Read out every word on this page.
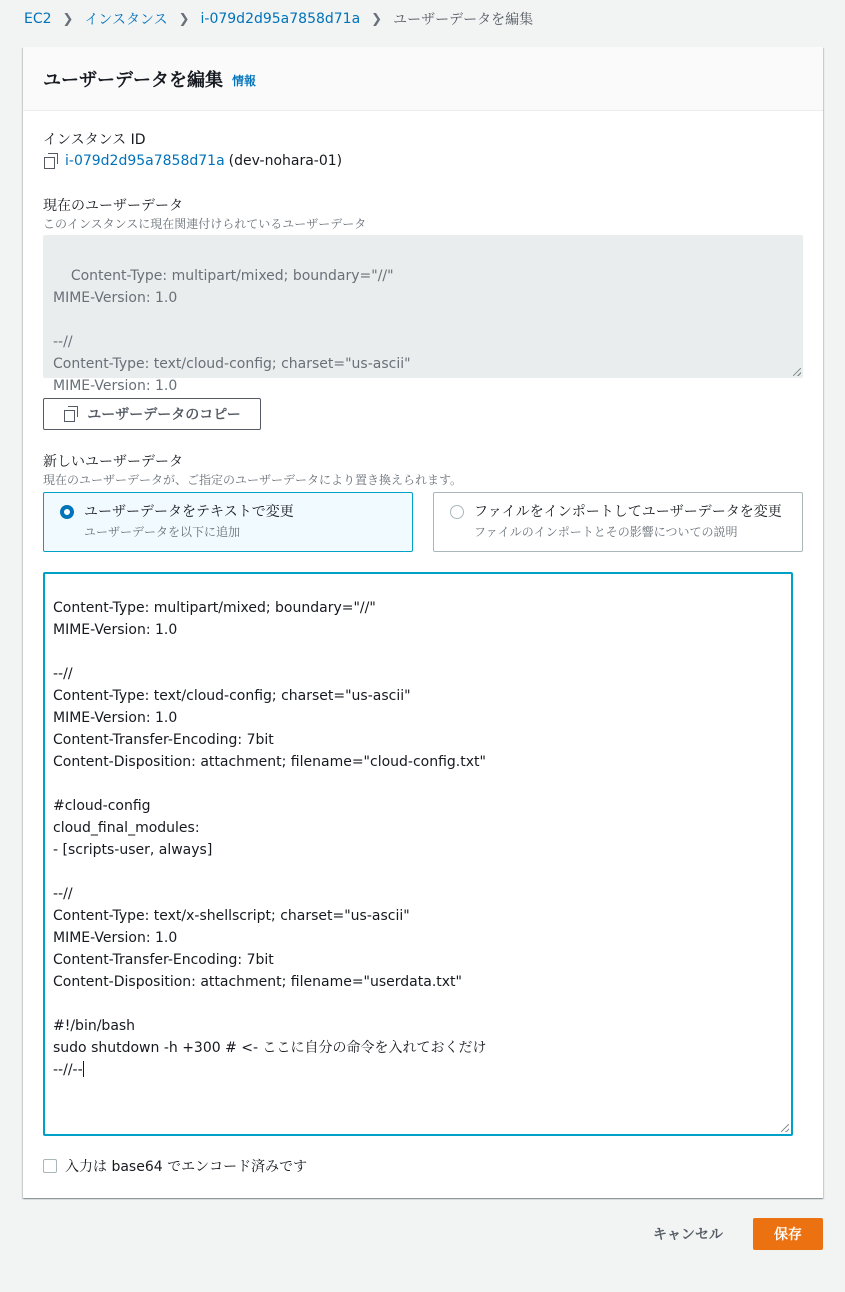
EC2 ❯ インスタンス ❯ i-079d2d95a7858d71a ❯ ユーザーデータを編集
ユーザーデータを編集 情報
インスタンス ID
i-079d2d95a7858d71a (dev-nohara-01)
現在のユーザーデータ
このインスタンスに現在関連付けられているユーザーデータ

Content-Type: multipart/mixed; boundary="//"
MIME-Version: 1.0

--//
Content-Type: text/cloud-config; charset="us-ascii"
MIME-Version: 1.0

ユーザーデータのコピー
新しいユーザーデータ
現在のユーザーデータが、ご指定のユーザーデータにより置き換えられます。
ユーザーデータをテキストで変更
ユーザーデータを以下に追加
ファイルをインポートしてユーザーデータを変更
ファイルのインポートとその影響についての説明
Content-Type: multipart/mixed; boundary="//"
MIME-Version: 1.0

--//
Content-Type: text/cloud-config; charset="us-ascii"
MIME-Version: 1.0
Content-Transfer-Encoding: 7bit
Content-Disposition: attachment; filename="cloud-config.txt"

#cloud-config
cloud_final_modules:
- [scripts-user, always]

--//
Content-Type: text/x-shellscript; charset="us-ascii"
MIME-Version: 1.0
Content-Transfer-Encoding: 7bit
Content-Disposition: attachment; filename="userdata.txt"

#!/bin/bash
sudo shutdown -h +300 # <- ここに自分の命令を入れておくだけ
--//--
入力は base64 でエンコード済みです
キャンセル	保存
